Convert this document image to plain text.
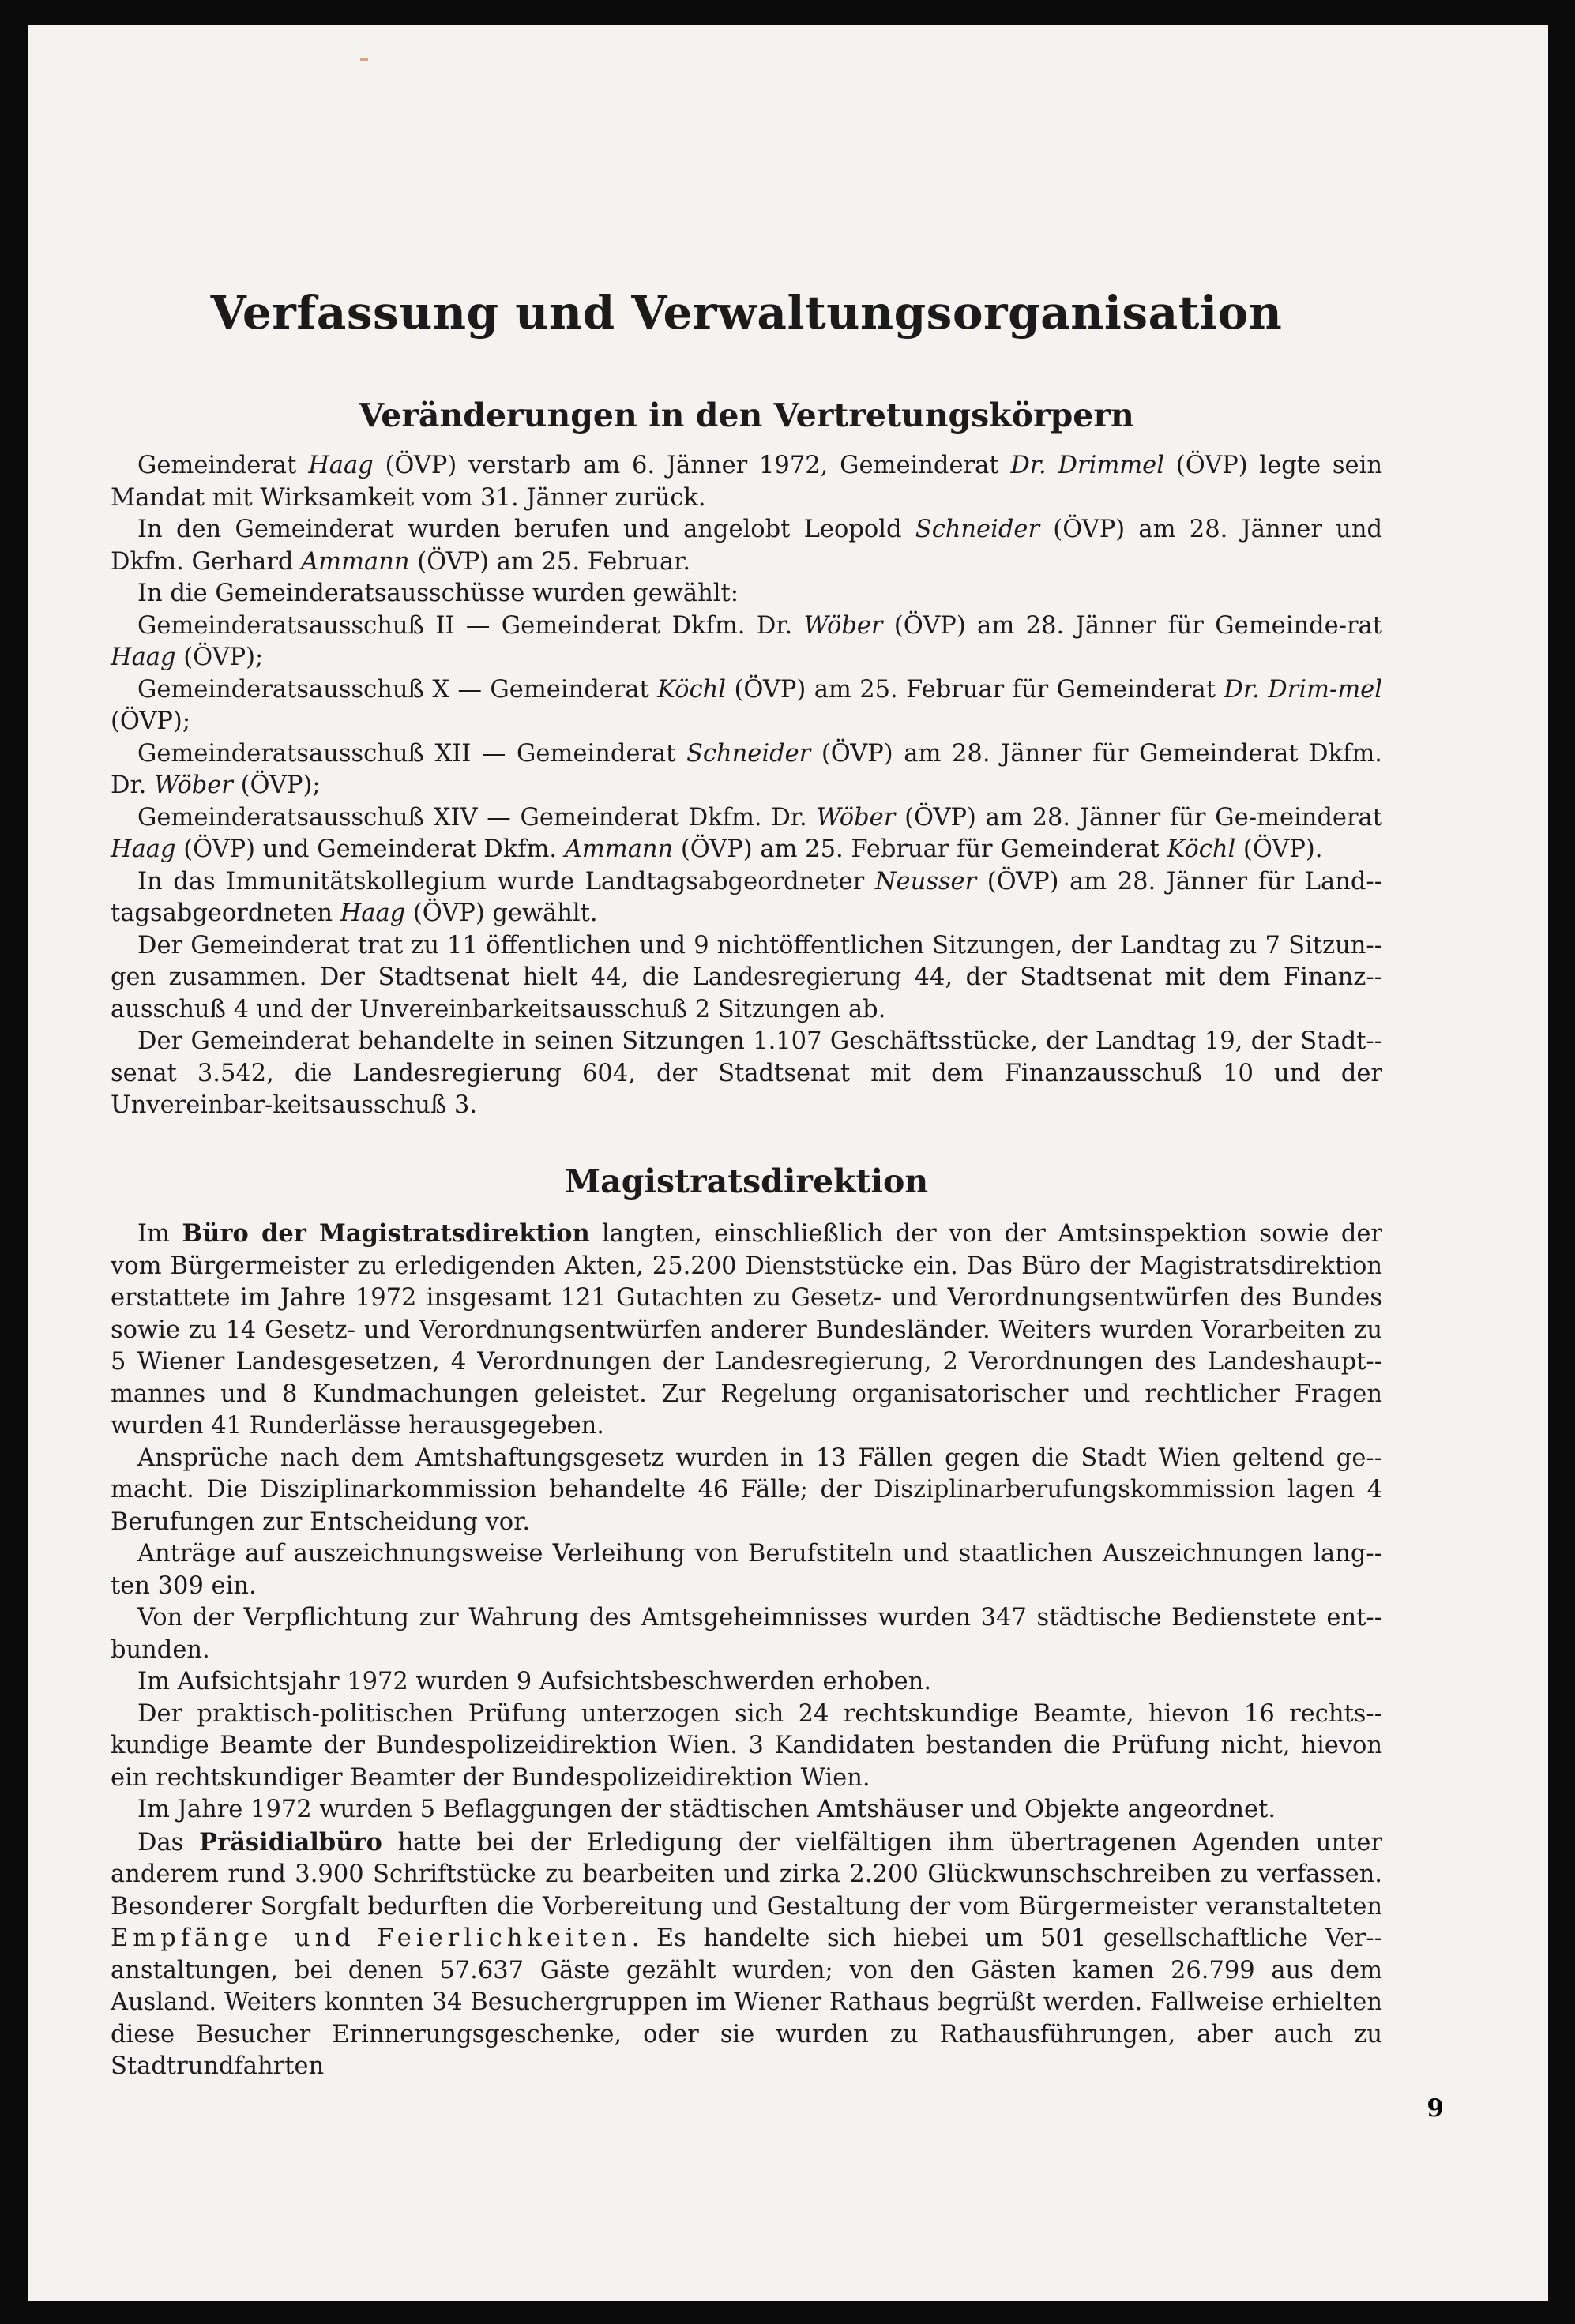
Verfassung und Verwaltungsorganisation
Veränderungen in den Vertretungskörpern

Gemeinderat Haag (ÖVP) verstarb am 6. Jänner 1972, Gemeinderat Dr. Drimmel (ÖVP) legte sein Mandat mit Wirksamkeit vom 31. Jänner zurück.

In den Gemeinderat wurden berufen und angelobt Leopold Schneider (ÖVP) am 28. Jänner und Dkfm. Gerhard Ammann (ÖVP) am 25. Februar.

In die Gemeinderatsausschüsse wurden gewählt:

Gemeinderatsausschuß II — Gemeinderat Dkfm. Dr. Wöber (ÖVP) am 28. Jänner für Gemeinde-rat Haag (ÖVP);

Gemeinderatsausschuß X — Gemeinderat Köchl (ÖVP) am 25. Februar für Gemeinderat Dr. Drim-mel (ÖVP);

Gemeinderatsausschuß XII — Gemeinderat Schneider (ÖVP) am 28. Jänner für Gemeinderat Dkfm. Dr. Wöber (ÖVP);

Gemeinderatsausschuß XIV — Gemeinderat Dkfm. Dr. Wöber (ÖVP) am 28. Jänner für Ge-meinderat Haag (ÖVP) und Gemeinderat Dkfm. Ammann (ÖVP) am 25. Februar für Gemeinderat Köchl (ÖVP).

In das Immunitätskollegium wurde Landtagsabgeordneter Neusser (ÖVP) am 28. Jänner für Land-tagsabgeordneten Haag (ÖVP) gewählt.

Der Gemeinderat trat zu 11 öffentlichen und 9 nichtöffentlichen Sitzungen, der Landtag zu 7 Sitzun-gen zusammen. Der Stadtsenat hielt 44, die Landesregierung 44, der Stadtsenat mit dem Finanz-ausschuß 4 und der Unvereinbarkeitsausschuß 2 Sitzungen ab.

Der Gemeinderat behandelte in seinen Sitzungen 1.107 Geschäftsstücke, der Landtag 19, der Stadt-senat 3.542, die Landesregierung 604, der Stadtsenat mit dem Finanzausschuß 10 und der Unvereinbar-keitsausschuß 3.

Magistratsdirektion

Im Büro der Magistratsdirektion langten, einschließlich der von der Amtsinspektion sowie der vom Bürgermeister zu erledigenden Akten, 25.200 Dienststücke ein. Das Büro der Magistratsdirektion erstattete im Jahre 1972 insgesamt 121 Gutachten zu Gesetz- und Verordnungsentwürfen des Bundes sowie zu 14 Gesetz- und Verordnungsentwürfen anderer Bundesländer. Weiters wurden Vorarbeiten zu 5 Wiener Landesgesetzen, 4 Verordnungen der Landesregierung, 2 Verordnungen des Landeshaupt-mannes und 8 Kundmachungen geleistet. Zur Regelung organisatorischer und rechtlicher Fragen wurden 41 Runderlässe herausgegeben.

Ansprüche nach dem Amtshaftungsgesetz wurden in 13 Fällen gegen die Stadt Wien geltend ge-macht. Die Disziplinarkommission behandelte 46 Fälle; der Disziplinarberufungskommission lagen 4 Berufungen zur Entscheidung vor.

Anträge auf auszeichnungsweise Verleihung von Berufstiteln und staatlichen Auszeichnungen lang-ten 309 ein.

Von der Verpflichtung zur Wahrung des Amtsgeheimnisses wurden 347 städtische Bedienstete ent-bunden.

Im Aufsichtsjahr 1972 wurden 9 Aufsichtsbeschwerden erhoben.

Der praktisch-politischen Prüfung unterzogen sich 24 rechtskundige Beamte, hievon 16 rechts-kundige Beamte der Bundespolizeidirektion Wien. 3 Kandidaten bestanden die Prüfung nicht, hievon ein rechtskundiger Beamter der Bundespolizeidirektion Wien.

Im Jahre 1972 wurden 5 Beflaggungen der städtischen Amtshäuser und Objekte angeordnet.

Das Präsidialbüro hatte bei der Erledigung der vielfältigen ihm übertragenen Agenden unter anderem rund 3.900 Schriftstücke zu bearbeiten und zirka 2.200 Glückwunschschreiben zu verfassen. Besonderer Sorgfalt bedurften die Vorbereitung und Gestaltung der vom Bürgermeister veranstalteten Empfänge und Feierlichkeiten. Es handelte sich hiebei um 501 gesellschaftliche Ver-anstaltungen, bei denen 57.637 Gäste gezählt wurden; von den Gästen kamen 26.799 aus dem Ausland. Weiters konnten 34 Besuchergruppen im Wiener Rathaus begrüßt werden. Fallweise erhielten diese Besucher Erinnerungsgeschenke, oder sie wurden zu Rathausführungen, aber auch zu Stadtrundfahrten

9
